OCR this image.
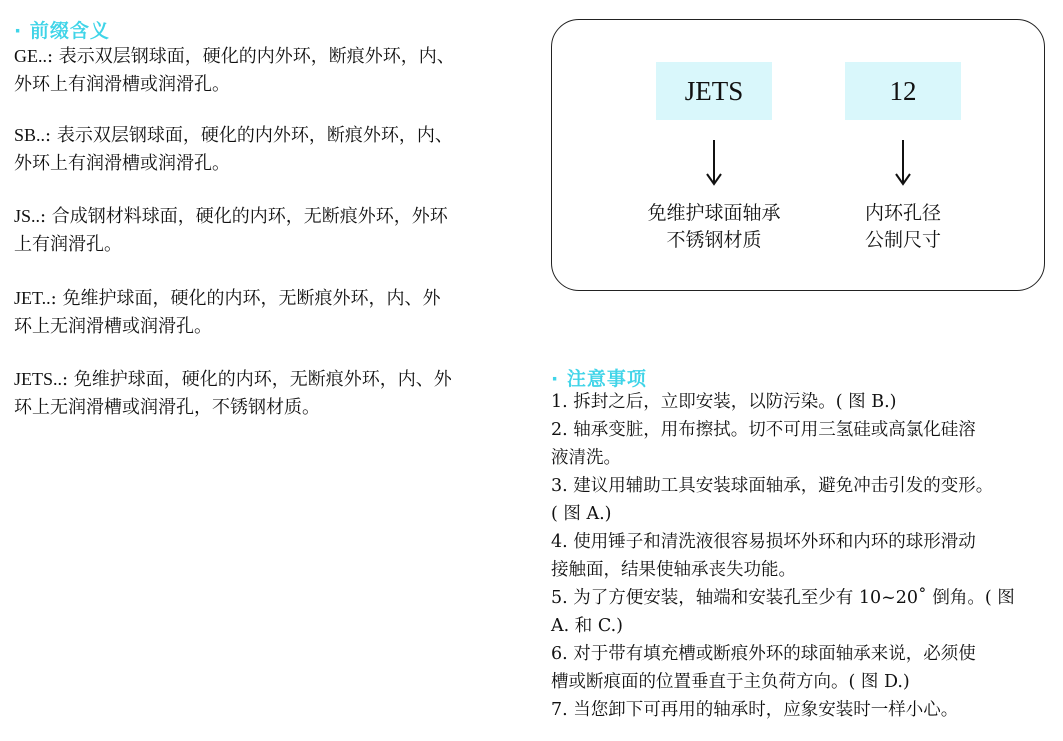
· 前缀含义
GE..: 表示双层钢球面，硬化的内外环，断痕外环，内、
外环上有润滑槽或润滑孔。
SB..: 表示双层钢球面，硬化的内外环，断痕外环，内、
外环上有润滑槽或润滑孔。
JS..: 合成钢材料球面，硬化的内环，无断痕外环，外环
上有润滑孔。
JET..: 免维护球面，硬化的内环，无断痕外环，内、外
环上无润滑槽或润滑孔。
JETS..: 免维护球面，硬化的内环，无断痕外环，内、外
环上无润滑槽或润滑孔，不锈钢材质。
JETS	12
免维护球面轴承
不锈钢材质
内环孔径
公制尺寸
· 注意事项
1. 拆封之后，立即安装，以防污染。( 图 B.)
2. 轴承变脏，用布擦拭。切不可用三氢硅或高氯化硅溶
液清洗。
3. 建议用辅助工具安装球面轴承，避免冲击引发的变形。
( 图 A.)
4. 使用锤子和清洗液很容易损坏外环和内环的球形滑动
接触面，结果使轴承丧失功能。
5. 为了方便安装，轴端和安装孔至少有 10~20˚ 倒角。( 图
A. 和 C.)
6. 对于带有填充槽或断痕外环的球面轴承来说，必须使
槽或断痕面的位置垂直于主负荷方向。( 图 D.)
7. 当您卸下可再用的轴承时，应象安装时一样小心。
